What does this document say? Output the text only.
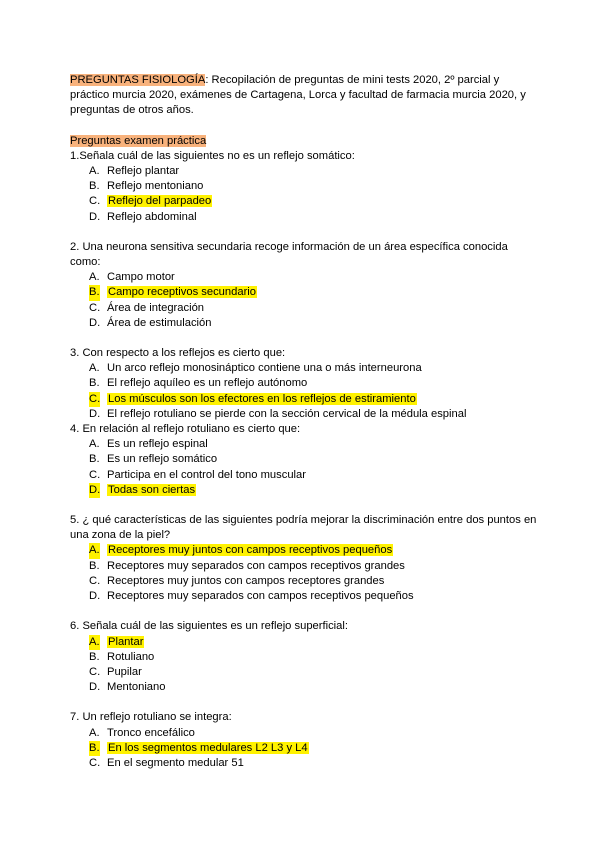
PREGUNTAS FISIOLOGÍA: Recopilación de preguntas de mini tests 2020, 2º parcial y práctico murcia 2020, exámenes de Cartagena, Lorca y facultad de farmacia murcia 2020, y preguntas de otros años.

Preguntas examen práctica

1.Señala cuál de las siguientes no es un reflejo somático:

A. Reflejo plantar
B. Reflejo mentoniano
C. Reflejo del parpadeo
D. Reflejo abdominal

2. Una neurona sensitiva secundaria recoge información de un área específica conocida como:

A. Campo motor
B. Campo receptivos secundario
C. Área de integración
D. Área de estimulación

3. Con respecto a los reflejos es cierto que:

A. Un arco reflejo monosináptico contiene una o más interneurona
B. El reflejo aquíleo es un reflejo autónomo
C. Los músculos son los efectores en los reflejos de estiramiento
D. El reflejo rotuliano se pierde con la sección cervical de la médula espinal

4. En relación al reflejo rotuliano es cierto que:

A. Es un reflejo espinal
B. Es un reflejo somático
C. Participa en el control del tono muscular
D. Todas son ciertas

5. ¿ qué características de las siguientes podría mejorar la discriminación entre dos puntos en una zona de la piel?

A. Receptores muy juntos con campos receptivos pequeños
B. Receptores muy separados con campos receptivos grandes
C. Receptores muy juntos con campos receptores grandes
D. Receptores muy separados con campos receptivos pequeños

6. Señala cuál de las siguientes es un reflejo superficial:

A. Plantar
B. Rotuliano
C. Pupilar
D. Mentoniano

7. Un reflejo rotuliano se integra:

A. Tronco encefálico
B. En los segmentos medulares L2 L3 y L4
C. En el segmento medular 51
